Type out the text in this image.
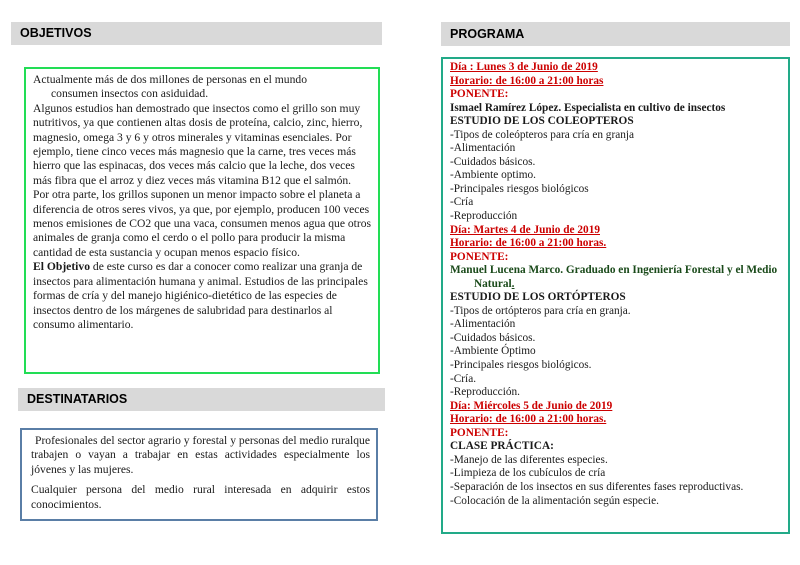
OBJETIVOS
DESTINATARIOS
PROGRAMA

Actualmente más de dos millones de personas en el mundo
consumen insectos con asiduidad.

Algunos estudios han demostrado que insectos como el grillo son muy nutritivos, ya que contienen altas dosis de proteína, calcio, zinc, hierro, magnesio, omega 3 y 6 y otros minerales y vitaminas esenciales. Por ejemplo, tiene cinco veces más magnesio que la carne, tres veces más hierro que las espinacas, dos veces más calcio que la leche, dos veces más fibra que el arroz y diez veces más vitamina B12 que el salmón.

Por otra parte, los grillos suponen un menor impacto sobre el planeta a diferencia de otros seres vivos, ya que, por ejemplo, producen 100 veces menos emisiones de CO2 que una vaca, consumen menos agua que otros animales de granja como el cerdo o el pollo para producir la misma cantidad de esta sustancia y ocupan menos espacio físico.

El Objetivo de este curso es dar a conocer como realizar una granja de insectos para alimentación humana y animal. Estudios de las principales formas de cría y del manejo higiénico-dietético de las especies de insectos dentro de los márgenes de salubridad para destinarlos al consumo alimentario.

Profesionales del sector agrario y forestal y personas del medio ruralque trabajen o vayan a trabajar en estas actividades especialmente los jóvenes y las mujeres.

Cualquier persona del medio rural interesada en adquirir estos conocimientos.

Día : Lunes 3 de Junio de 2019
Horario: de 16:00 a 21:00 horas
PONENTE:
Ismael Ramírez López. Especialista en cultivo de insectos
ESTUDIO DE LOS COLEOPTEROS
-Tipos de coleópteros para cría en granja
-Alimentación
-Cuidados básicos.
-Ambiente optimo.
-Principales riesgos biológicos
-Cría
-Reproducción
Día: Martes 4 de Junio de 2019
Horario: de 16:00 a 21:00 horas.
PONENTE:
Manuel Lucena Marco. Graduado en Ingeniería Forestal y el Medio
Natural.
ESTUDIO DE LOS ORTÓPTEROS
-Tipos de ortópteros para cría en granja.
-Alimentación
-Cuidados básicos.
-Ambiente Óptimo
-Principales riesgos biológicos.
-Cría.
-Reproducción.
Día: Miércoles 5 de Junio de 2019
Horario: de 16:00 a 21:00 horas.
PONENTE:
CLASE PRÁCTICA:
-Manejo de las diferentes especies.
-Limpieza de los cubículos de cría
-Separación de los insectos en sus diferentes fases reproductivas.
-Colocación de la alimentación según especie.
